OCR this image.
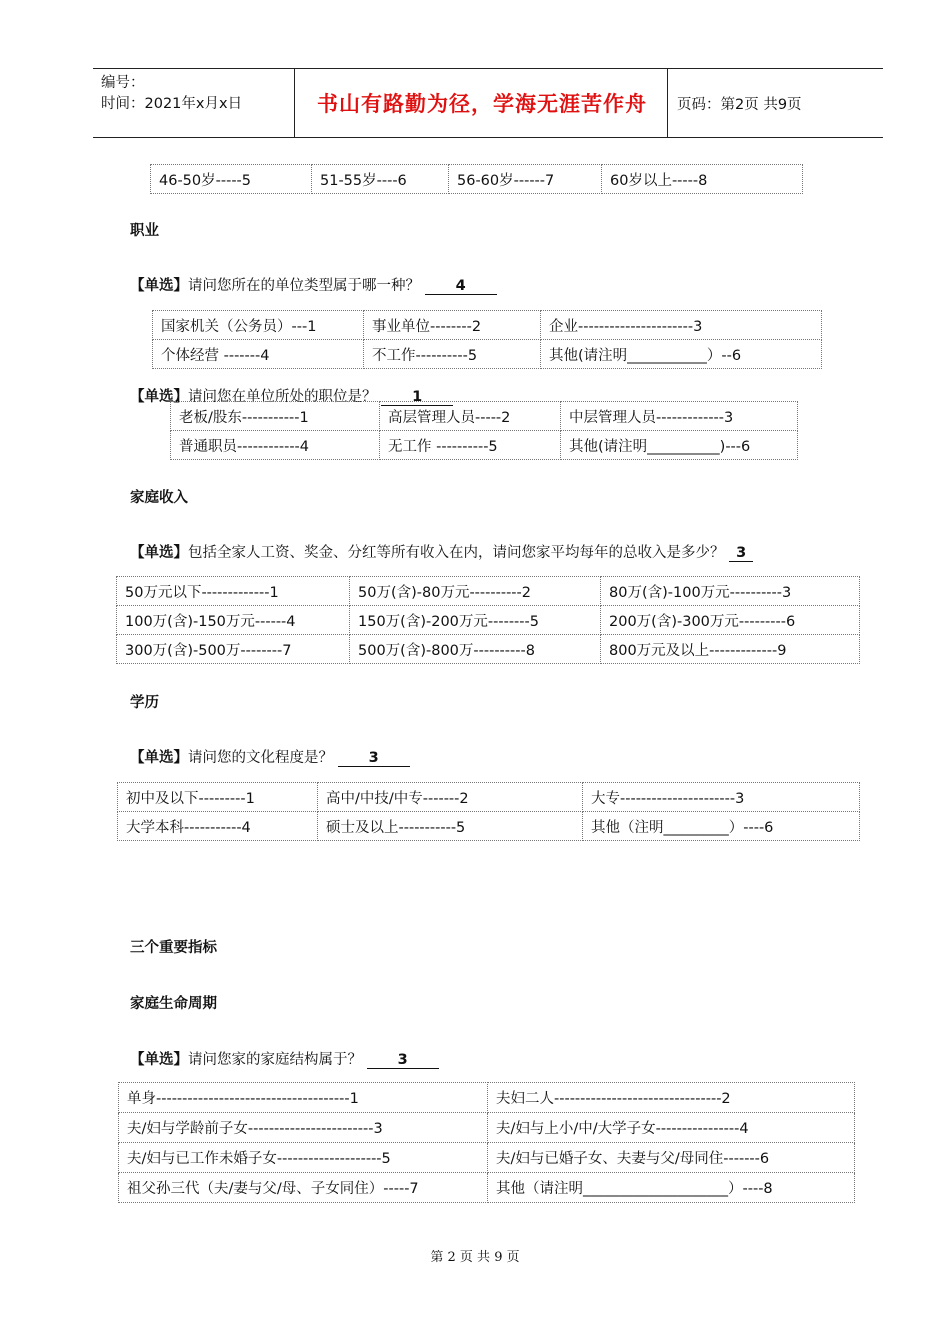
编号：
时间：2021年x月x日	书山有路勤为径，学海无涯苦作舟	页码：第2页 共9页
46-50岁-----5	51-55岁----6	56-60岁------7	60岁以上-----8
职业
【单选】请问您所在的单位类型属于哪一种？ 4
国家机关（公务员）---1	事业单位--------2	企业----------------------3
个体经营 -------4	不工作----------5	其他(请注明___________）--6
【单选】请问您在单位所处的职位是？ 1
老板/股东-----------1	高层管理人员-----2	中层管理人员-------------3
普通职员------------4	无工作 ----------5	其他(请注明__________)---6
家庭收入
【单选】包括全家人工资、奖金、分红等所有收入在内，请问您家平均每年的总收入是多少？ 3
50万元以下-------------1	50万(含)-80万元----------2	80万(含)-100万元----------3
100万(含)-150万元------4	150万(含)-200万元--------5	200万(含)-300万元---------6
300万(含)-500万--------7	500万(含)-800万----------8	800万元及以上-------------9
学历
【单选】请问您的文化程度是？ 3
初中及以下---------1	高中/中技/中专-------2	大专----------------------3
大学本科-----------4	硕士及以上-----------5	其他（注明_________）----6
三个重要指标
家庭生命周期
【单选】请问您家的家庭结构属于？ 3
单身-------------------------------------1	夫妇二人--------------------------------2
夫/妇与学龄前子女------------------------3	夫/妇与上小/中/大学子女----------------4
夫/妇与已工作未婚子女--------------------5	夫/妇与已婚子女、夫妻与父/母同住-------6
祖父孙三代（夫/妻与父/母、子女同住）-----7	其他（请注明____________________）----8
第 2 页 共 9 页
